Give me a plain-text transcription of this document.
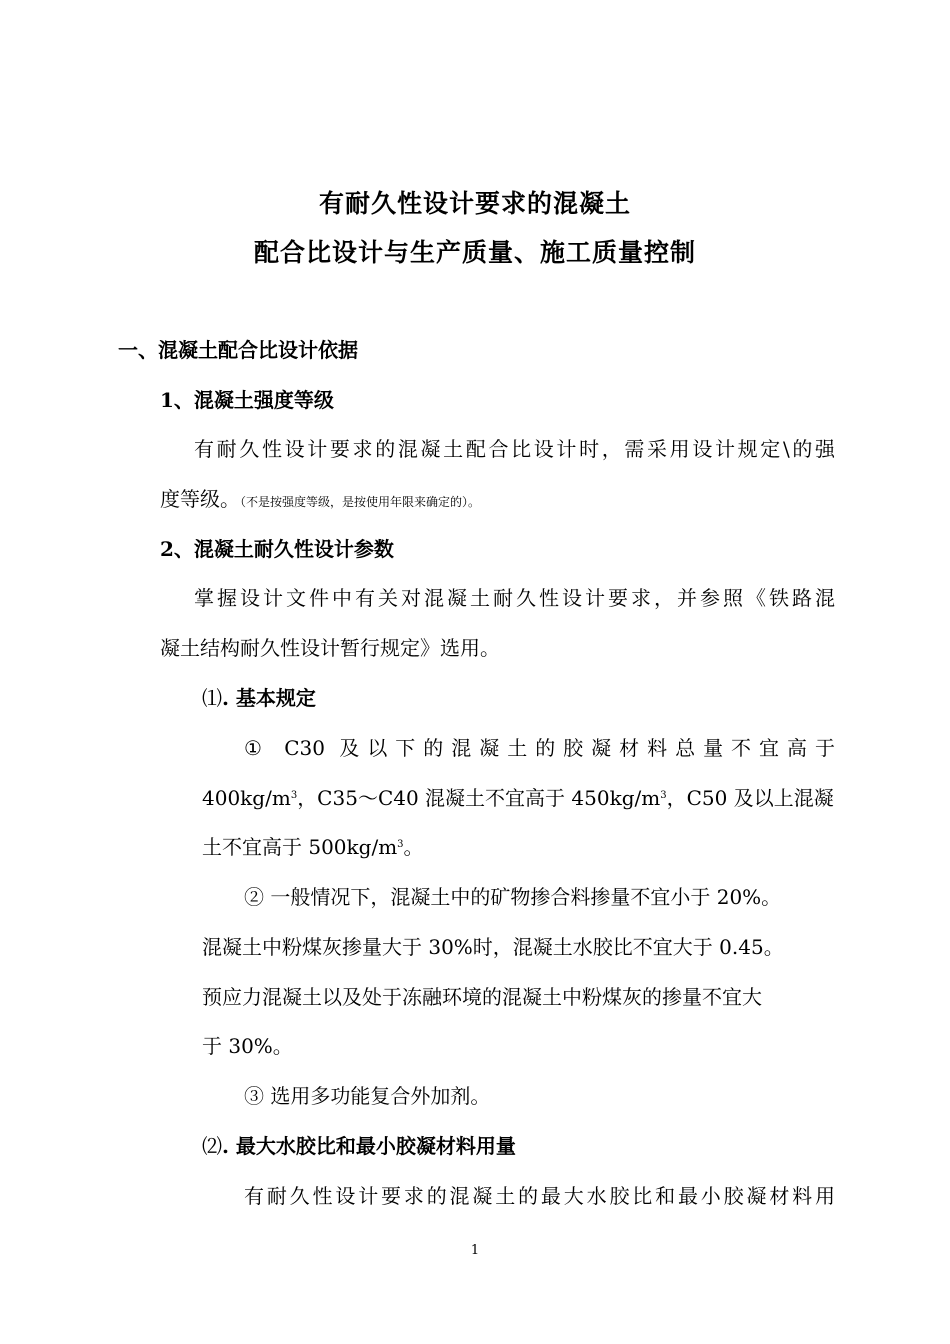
有耐久性设计要求的混凝土
配合比设计与生产质量、施工质量控制
一、混凝土配合比设计依据
1、混凝土强度等级
有耐久性设计要求的混凝土配合比设计时，需采用设计规定\的强
度等级。（不是按强度等级，是按使用年限来确定的）。
2、混凝土耐久性设计参数
掌握设计文件中有关对混凝土耐久性设计要求，并参照《铁路混
凝土结构耐久性设计暂行规定》选用。
⑴. 基本规定
① C30 及以下的混凝土的胶凝材料总量不宜高于
$400kg/m^3$，C35～C40 混凝土不宜高于 $450kg/m^3$，C50 及以上混凝
土不宜高于 $500kg/m^3$。
② 一般情况下，混凝土中的矿物掺合料掺量不宜小于 20%。
混凝土中粉煤灰掺量大于 30%时，混凝土水胶比不宜大于 0.45。
预应力混凝土以及处于冻融环境的混凝土中粉煤灰的掺量不宜大
于 30%。
③ 选用多功能复合外加剂。
⑵. 最大水胶比和最小胶凝材料用量
有耐久性设计要求的混凝土的最大水胶比和最小胶凝材料用
1
